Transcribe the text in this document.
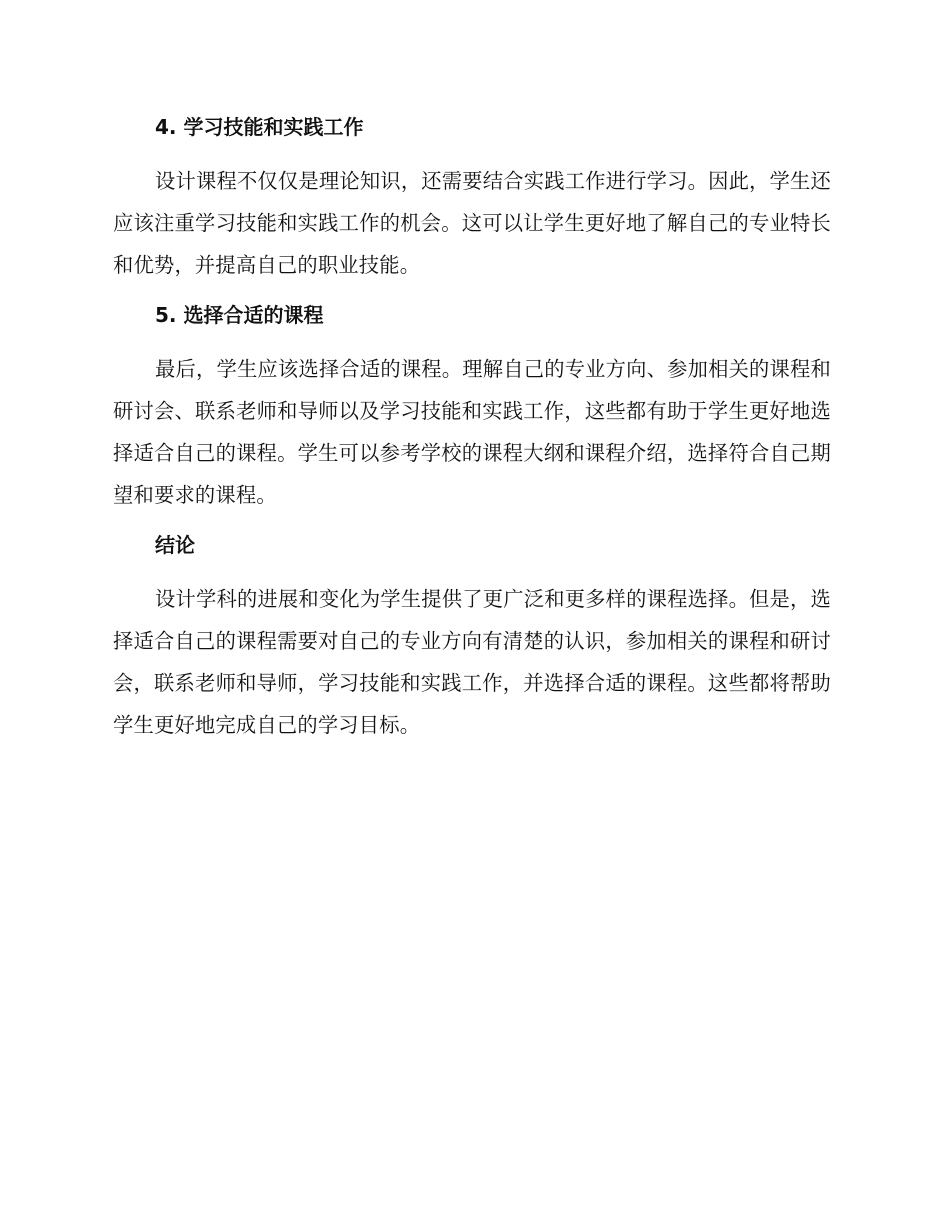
4. 学习技能和实践工作

设计课程不仅仅是理论知识，还需要结合实践工作进行学习。因此，学生还应该注重学习技能和实践工作的机会。这可以让学生更好地了解自己的专业特长和优势，并提高自己的职业技能。

5. 选择合适的课程

最后，学生应该选择合适的课程。理解自己的专业方向、参加相关的课程和研讨会、联系老师和导师以及学习技能和实践工作，这些都有助于学生更好地选择适合自己的课程。学生可以参考学校的课程大纲和课程介绍，选择符合自己期望和要求的课程。

结论

设计学科的进展和变化为学生提供了更广泛和更多样的课程选择。但是，选择适合自己的课程需要对自己的专业方向有清楚的认识，参加相关的课程和研讨会，联系老师和导师，学习技能和实践工作，并选择合适的课程。这些都将帮助学生更好地完成自己的学习目标。
